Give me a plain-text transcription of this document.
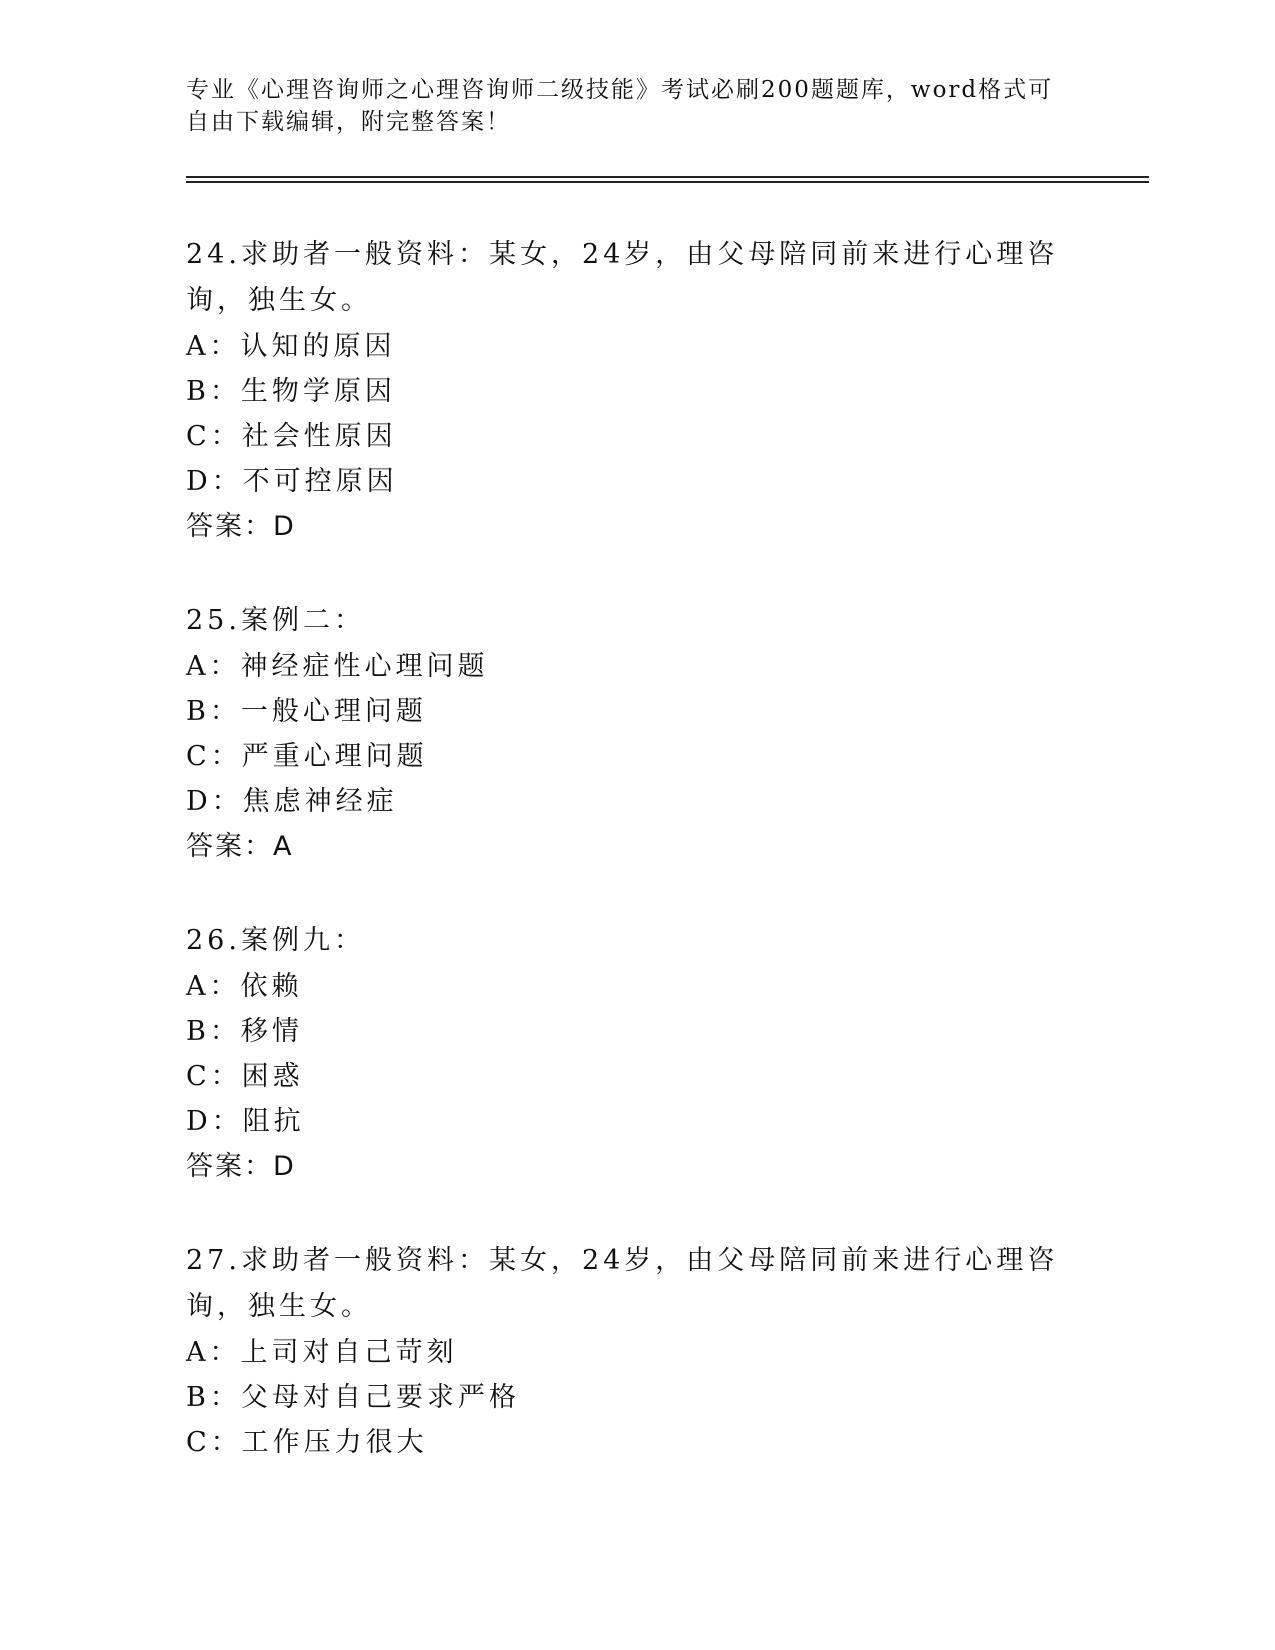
专业《心理咨询师之心理咨询师二级技能》考试必刷200题题库，word格式可自由下载编辑，附完整答案！

24.求助者一般资料：某女，24岁，由父母陪同前来进行心理咨询，独生女。

A：认知的原因

B：生物学原因

C：社会性原因

D：不可控原因

答案：D

25.案例二：

A：神经症性心理问题

B：一般心理问题

C：严重心理问题

D：焦虑神经症

答案：A

26.案例九：

A：依赖

B：移情

C：困惑

D：阻抗

答案：D

27.求助者一般资料：某女，24岁，由父母陪同前来进行心理咨询，独生女。

A：上司对自己苛刻

B：父母对自己要求严格

C：工作压力很大
